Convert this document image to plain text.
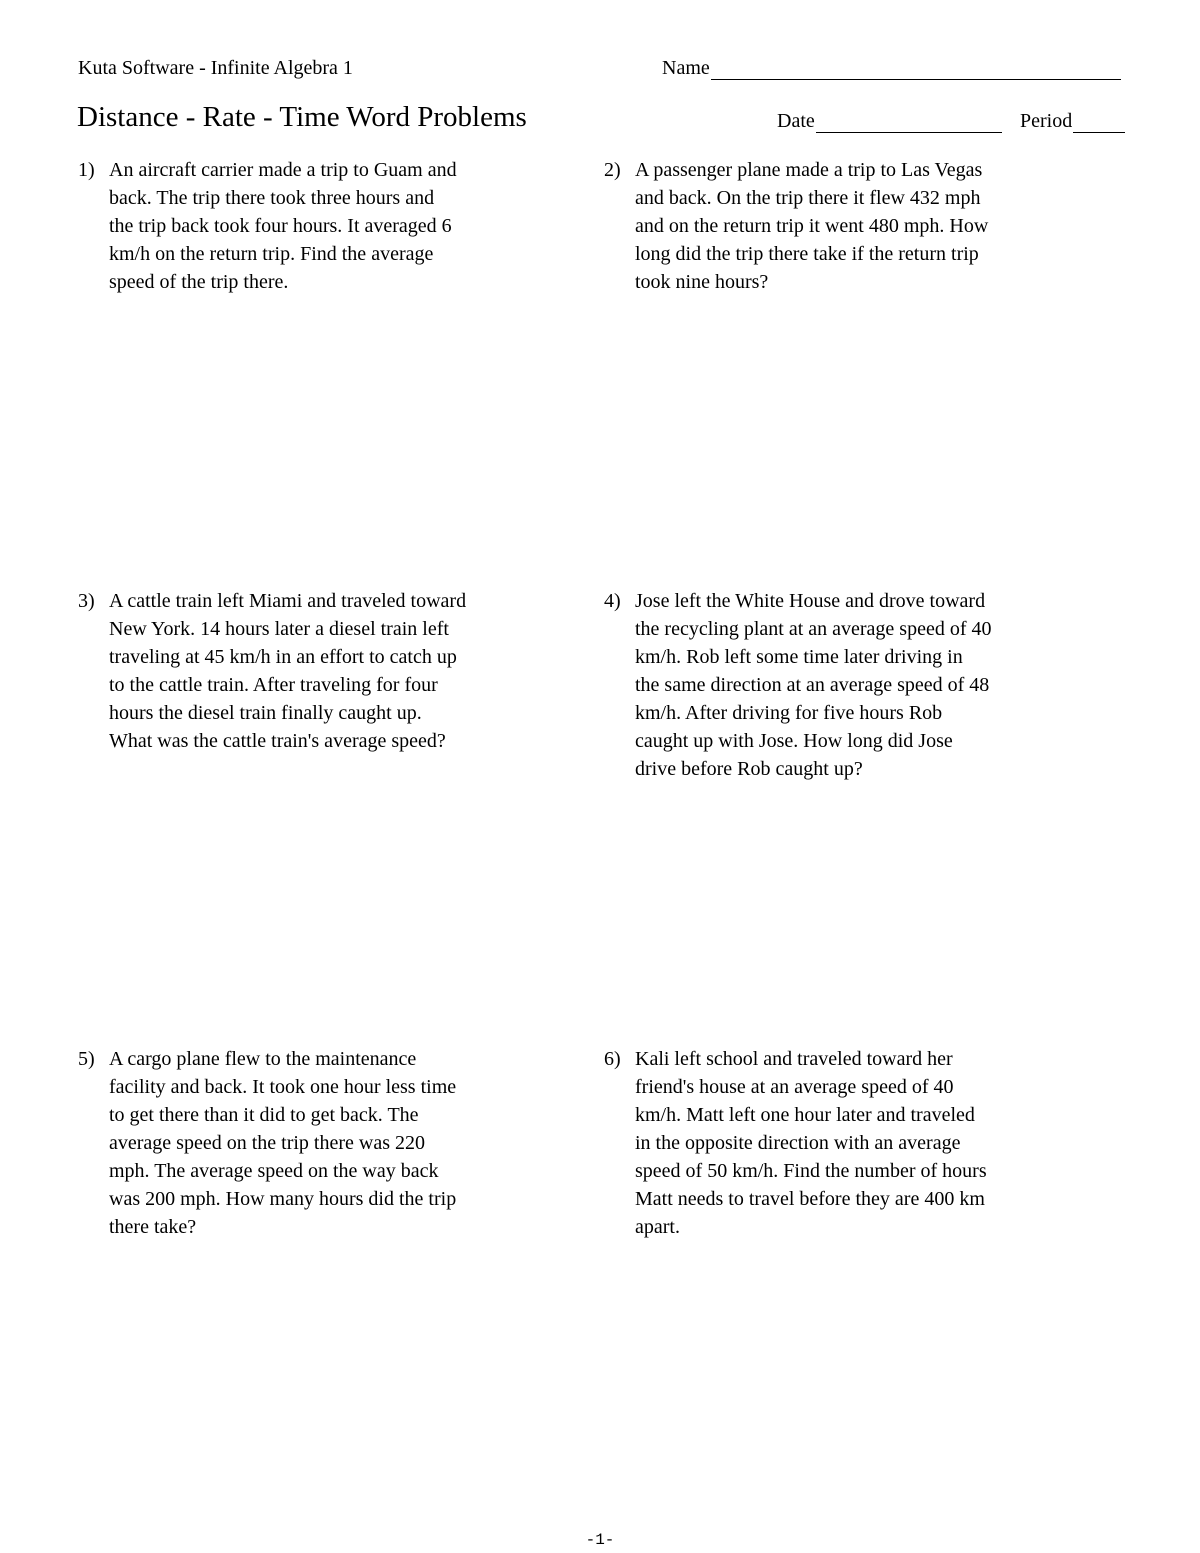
Kuta Software - Infinite Algebra 1
Distance - Rate - Time Word Problems
Name
Date	Period
1) An aircraft carrier made a trip to Guam and
back. The trip there took three hours and
the trip back took four hours. It averaged 6
km/h on the return trip. Find the average
speed of the trip there.
2) A passenger plane made a trip to Las Vegas
and back. On the trip there it flew 432 mph
and on the return trip it went 480 mph. How
long did the trip there take if the return trip
took nine hours?
3) A cattle train left Miami and traveled toward
New York. 14 hours later a diesel train left
traveling at 45 km/h in an effort to catch up
to the cattle train. After traveling for four
hours the diesel train finally caught up.
What was the cattle train's average speed?
4) Jose left the White House and drove toward
the recycling plant at an average speed of 40
km/h. Rob left some time later driving in
the same direction at an average speed of 48
km/h. After driving for five hours Rob
caught up with Jose. How long did Jose
drive before Rob caught up?
5) A cargo plane flew to the maintenance
facility and back. It took one hour less time
to get there than it did to get back. The
average speed on the trip there was 220
mph. The average speed on the way back
was 200 mph. How many hours did the trip
there take?
6) Kali left school and traveled toward her
friend's house at an average speed of 40
km/h. Matt left one hour later and traveled
in the opposite direction with an average
speed of 50 km/h. Find the number of hours
Matt needs to travel before they are 400 km
apart.
-1-
